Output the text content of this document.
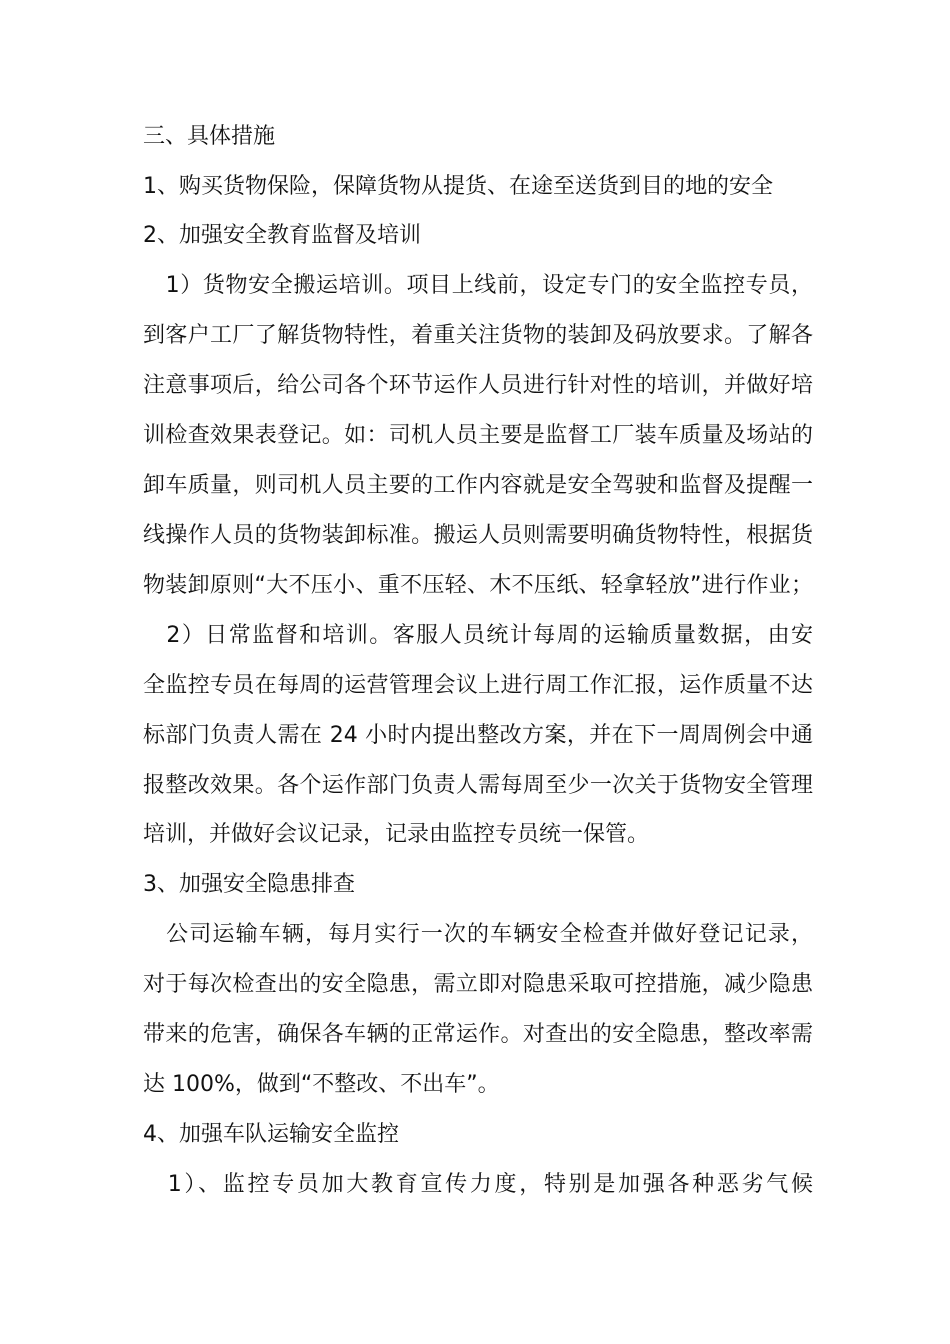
三、具体措施
1、购买货物保险，保障货物从提货、在途至送货到目的地的安全
2、加强安全教育监督及培训
　1）货物安全搬运培训。项目上线前，设定专门的安全监控专员，
到客户工厂了解货物特性，着重关注货物的装卸及码放要求。了解各
注意事项后，给公司各个环节运作人员进行针对性的培训，并做好培
训检查效果表登记。如：司机人员主要是监督工厂装车质量及场站的
卸车质量，则司机人员主要的工作内容就是安全驾驶和监督及提醒一
线操作人员的货物装卸标准。搬运人员则需要明确货物特性，根据货
物装卸原则“大不压小、重不压轻、木不压纸、轻拿轻放”进行作业；
　2）日常监督和培训。客服人员统计每周的运输质量数据，由安
全监控专员在每周的运营管理会议上进行周工作汇报，运作质量不达
标部门负责人需在 24 小时内提出整改方案，并在下一周周例会中通
报整改效果。各个运作部门负责人需每周至少一次关于货物安全管理
培训，并做好会议记录，记录由监控专员统一保管。
3、加强安全隐患排查
　公司运输车辆，每月实行一次的车辆安全检查并做好登记记录，
对于每次检查出的安全隐患，需立即对隐患采取可控措施，减少隐患
带来的危害，确保各车辆的正常运作。对查出的安全隐患，整改率需
达 100%，做到“不整改、不出车”。
4、加强车队运输安全监控
　1）、监控专员加大教育宣传力度，特别是加强各种恶劣气候
